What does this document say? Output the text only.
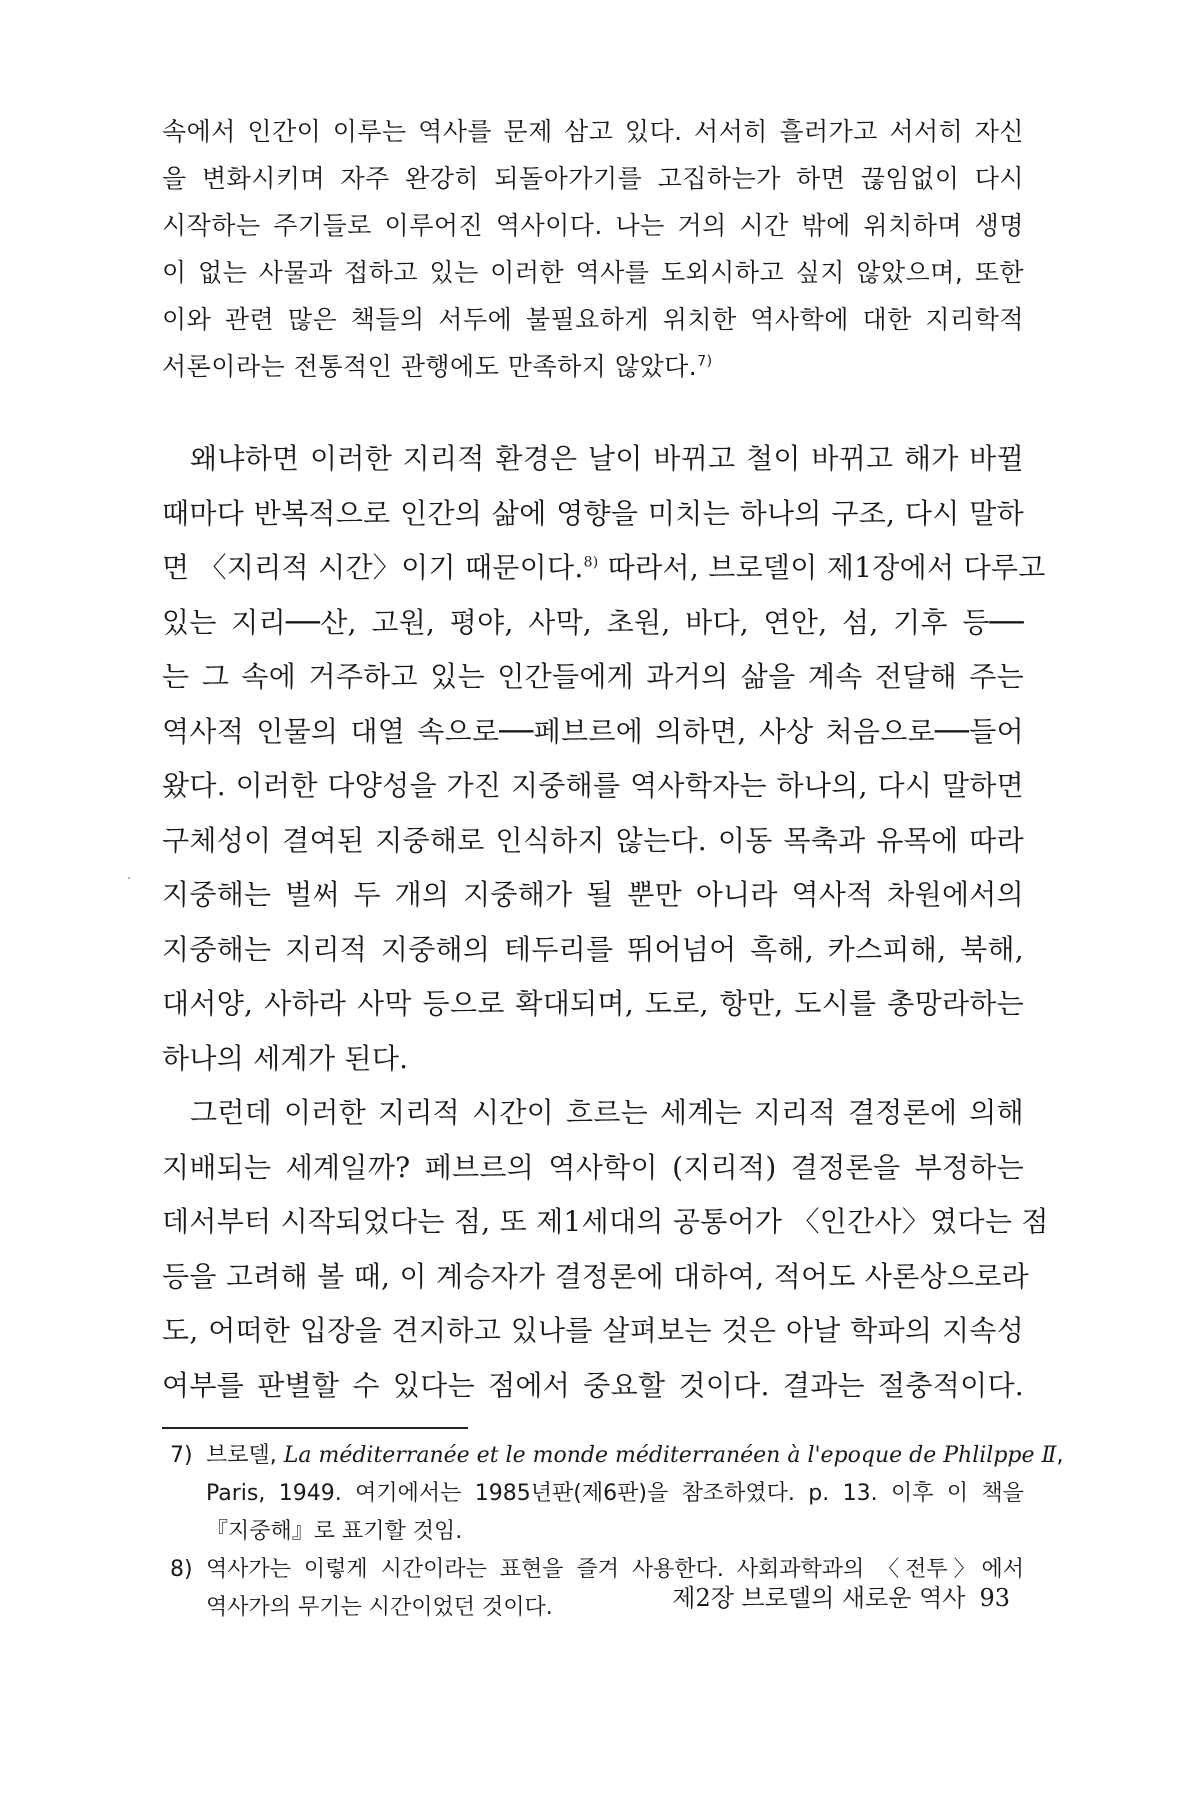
속에서 인간이 이루는 역사를 문제 삼고 있다. 서서히 흘러가고 서서히 자신
을 변화시키며 자주 완강히 되돌아가기를 고집하는가 하면 끊임없이 다시
시작하는 주기들로 이루어진 역사이다. 나는 거의 시간 밖에 위치하며 생명
이 없는 사물과 접하고 있는 이러한 역사를 도외시하고 싶지 않았으며, 또한
이와 관련 많은 책들의 서두에 불필요하게 위치한 역사학에 대한 지리학적
서론이라는 전통적인 관행에도 만족하지 않았다.$^{7)}$
왜냐하면 이러한 지리적 환경은 날이 바뀌고 철이 바뀌고 해가 바뀔
때마다 반복적으로 인간의 삶에 영향을 미치는 하나의 구조, 다시 말하
면 〈지리적 시간〉이기 때문이다.$^{8)}$ 따라서, 브로델이 제1장에서 다루고
있는 지리──산, 고원, 평야, 사막, 초원, 바다, 연안, 섬, 기후 등──
는 그 속에 거주하고 있는 인간들에게 과거의 삶을 계속 전달해 주는
역사적 인물의 대열 속으로──페브르에 의하면, 사상 처음으로──들어
왔다. 이러한 다양성을 가진 지중해를 역사학자는 하나의, 다시 말하면
구체성이 결여된 지중해로 인식하지 않는다. 이동 목축과 유목에 따라
지중해는 벌써 두 개의 지중해가 될 뿐만 아니라 역사적 차원에서의
지중해는 지리적 지중해의 테두리를 뛰어넘어 흑해, 카스피해, 북해,
대서양, 사하라 사막 등으로 확대되며, 도로, 항만, 도시를 총망라하는
하나의 세계가 된다.
그런데 이러한 지리적 시간이 흐르는 세계는 지리적 결정론에 의해
지배되는 세계일까? 페브르의 역사학이 (지리적) 결정론을 부정하는
데서부터 시작되었다는 점, 또 제1세대의 공통어가 〈인간사〉였다는 점
등을 고려해 볼 때, 이 계승자가 결정론에 대하여, 적어도 사론상으로라
도, 어떠한 입장을 견지하고 있나를 살펴보는 것은 아날 학파의 지속성
여부를 판별할 수 있다는 점에서 중요할 것이다. 결과는 절충적이다.
7) 브로델, La méditerranée et le monde méditerranéen à l'epoque de Phlilppe Ⅱ,
Paris, 1949. 여기에서는 1985년판(제6판)을 참조하였다. p. 13. 이후 이 책을
『지중해』로 표기할 것임.
8) 역사가는 이렇게 시간이라는 표현을 즐겨 사용한다. 사회과학과의 〈전투〉에서
역사가의 무기는 시간이었던 것이다.	제2장 브로델의 새로운 역사 93
